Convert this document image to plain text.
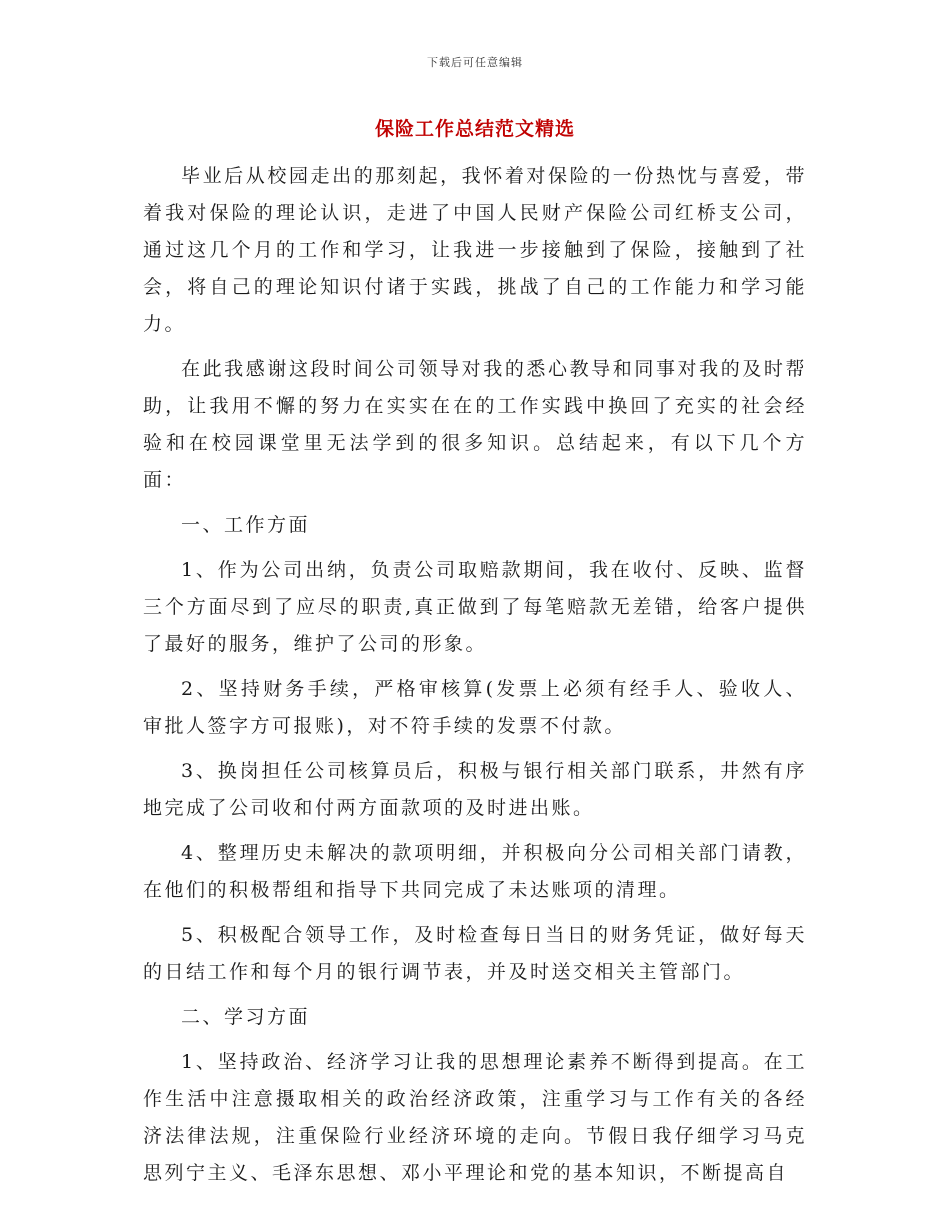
下载后可任意编辑
保险工作总结范文精选

毕业后从校园走出的那刻起，我怀着对保险的一份热忱与喜爱，带着我对保险的理论认识，走进了中国人民财产保险公司红桥支公司，通过这几个月的工作和学习，让我进一步接触到了保险，接触到了社会，将自己的理论知识付诸于实践，挑战了自己的工作能力和学习能力。

在此我感谢这段时间公司领导对我的悉心教导和同事对我的及时帮助，让我用不懈的努力在实实在在的工作实践中换回了充实的社会经验和在校园课堂里无法学到的很多知识。总结起来，有以下几个方面：

一、工作方面

1、作为公司出纳，负责公司取赔款期间，我在收付、反映、监督三个方面尽到了应尽的职责,真正做到了每笔赔款无差错，给客户提供了最好的服务，维护了公司的形象。

2、坚持财务手续，严格审核算(发票上必须有经手人、验收人、审批人签字方可报账)，对不符手续的发票不付款。

3、换岗担任公司核算员后，积极与银行相关部门联系，井然有序地完成了公司收和付两方面款项的及时进出账。

4、整理历史未解决的款项明细，并积极向分公司相关部门请教，在他们的积极帮组和指导下共同完成了未达账项的清理。

5、积极配合领导工作，及时检查每日当日的财务凭证，做好每天的日结工作和每个月的银行调节表，并及时送交相关主管部门。

二、学习方面

1、坚持政治、经济学习让我的思想理论素养不断得到提高。在工作生活中注意摄取相关的政治经济政策，注重学习与工作有关的各经济法律法规，注重保险行业经济环境的走向。节假日我仔细学习马克思列宁主义、毛泽东思想、邓小平理论和党的基本知识，不断提高自
